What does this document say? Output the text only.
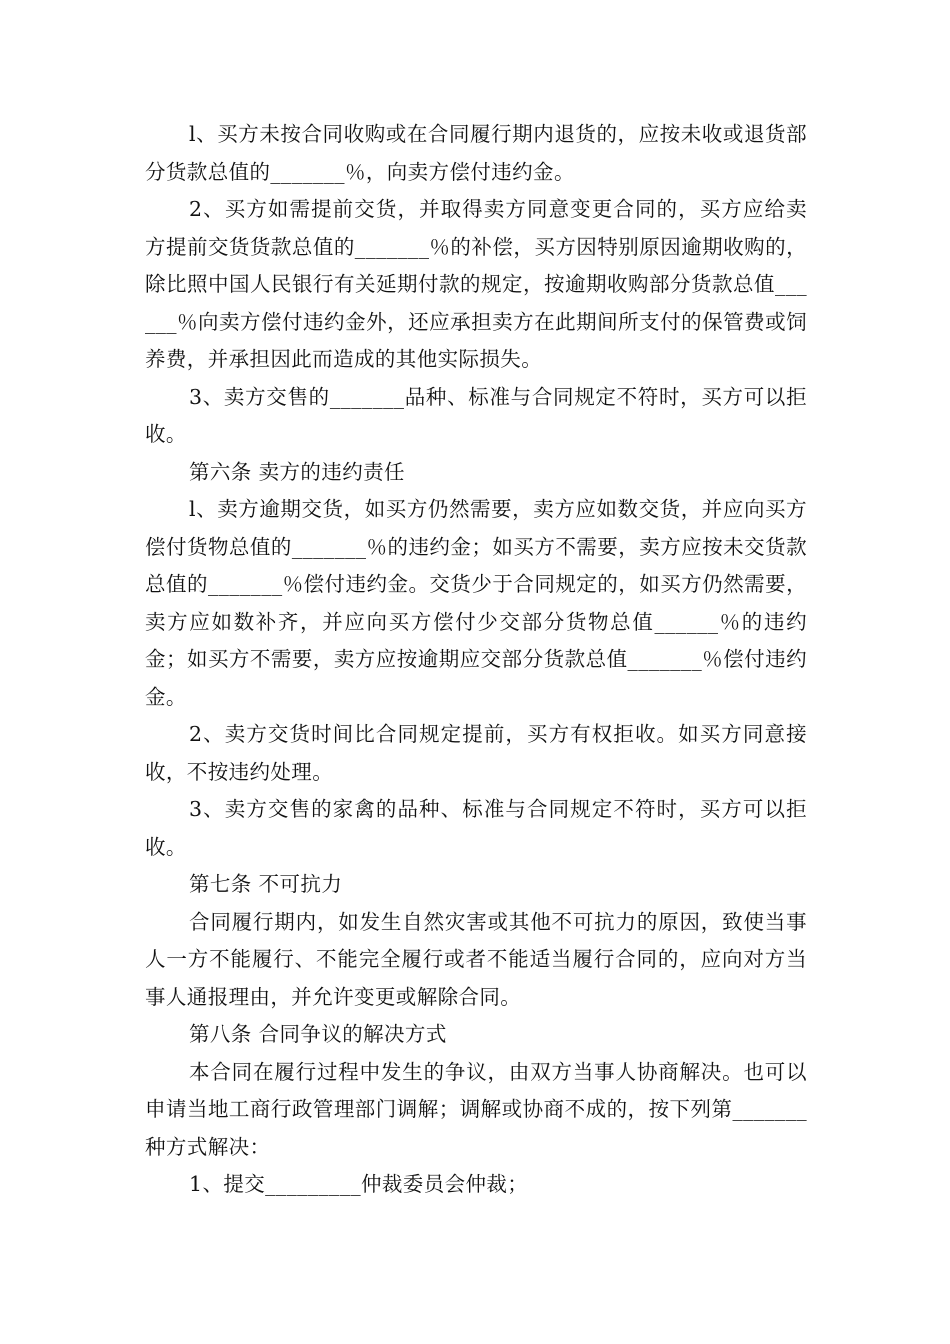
l、买方未按合同收购或在合同履行期内退货的，应按未收或退货部分货款总值的_______％，向卖方偿付违约金。

2、买方如需提前交货，并取得卖方同意变更合同的，买方应给卖方提前交货货款总值的_______％的补偿，买方因特别原因逾期收购的，除比照中国人民银行有关延期付款的规定，按逾期收购部分货款总值______％向卖方偿付违约金外，还应承担卖方在此期间所支付的保管费或饲养费，并承担因此而造成的其他实际损失。

3、卖方交售的_______品种、标准与合同规定不符时，买方可以拒收。

第六条 卖方的违约责任

l、卖方逾期交货，如买方仍然需要，卖方应如数交货，并应向买方偿付货物总值的_______％的违约金；如买方不需要，卖方应按未交货款总值的_______％偿付违约金。交货少于合同规定的，如买方仍然需要，卖方应如数补齐，并应向买方偿付少交部分货物总值______％的违约金；如买方不需要，卖方应按逾期应交部分货款总值_______％偿付违约金。

2、卖方交货时间比合同规定提前，买方有权拒收。如买方同意接收，不按违约处理。

3、卖方交售的家禽的品种、标准与合同规定不符时，买方可以拒收。

第七条 不可抗力

合同履行期内，如发生自然灾害或其他不可抗力的原因，致使当事人一方不能履行、不能完全履行或者不能适当履行合同的，应向对方当事人通报理由，并允许变更或解除合同。

第八条 合同争议的解决方式

本合同在履行过程中发生的争议，由双方当事人协商解决。也可以申请当地工商行政管理部门调解；调解或协商不成的，按下列第_______种方式解决：

1、提交_________仲裁委员会仲裁；
